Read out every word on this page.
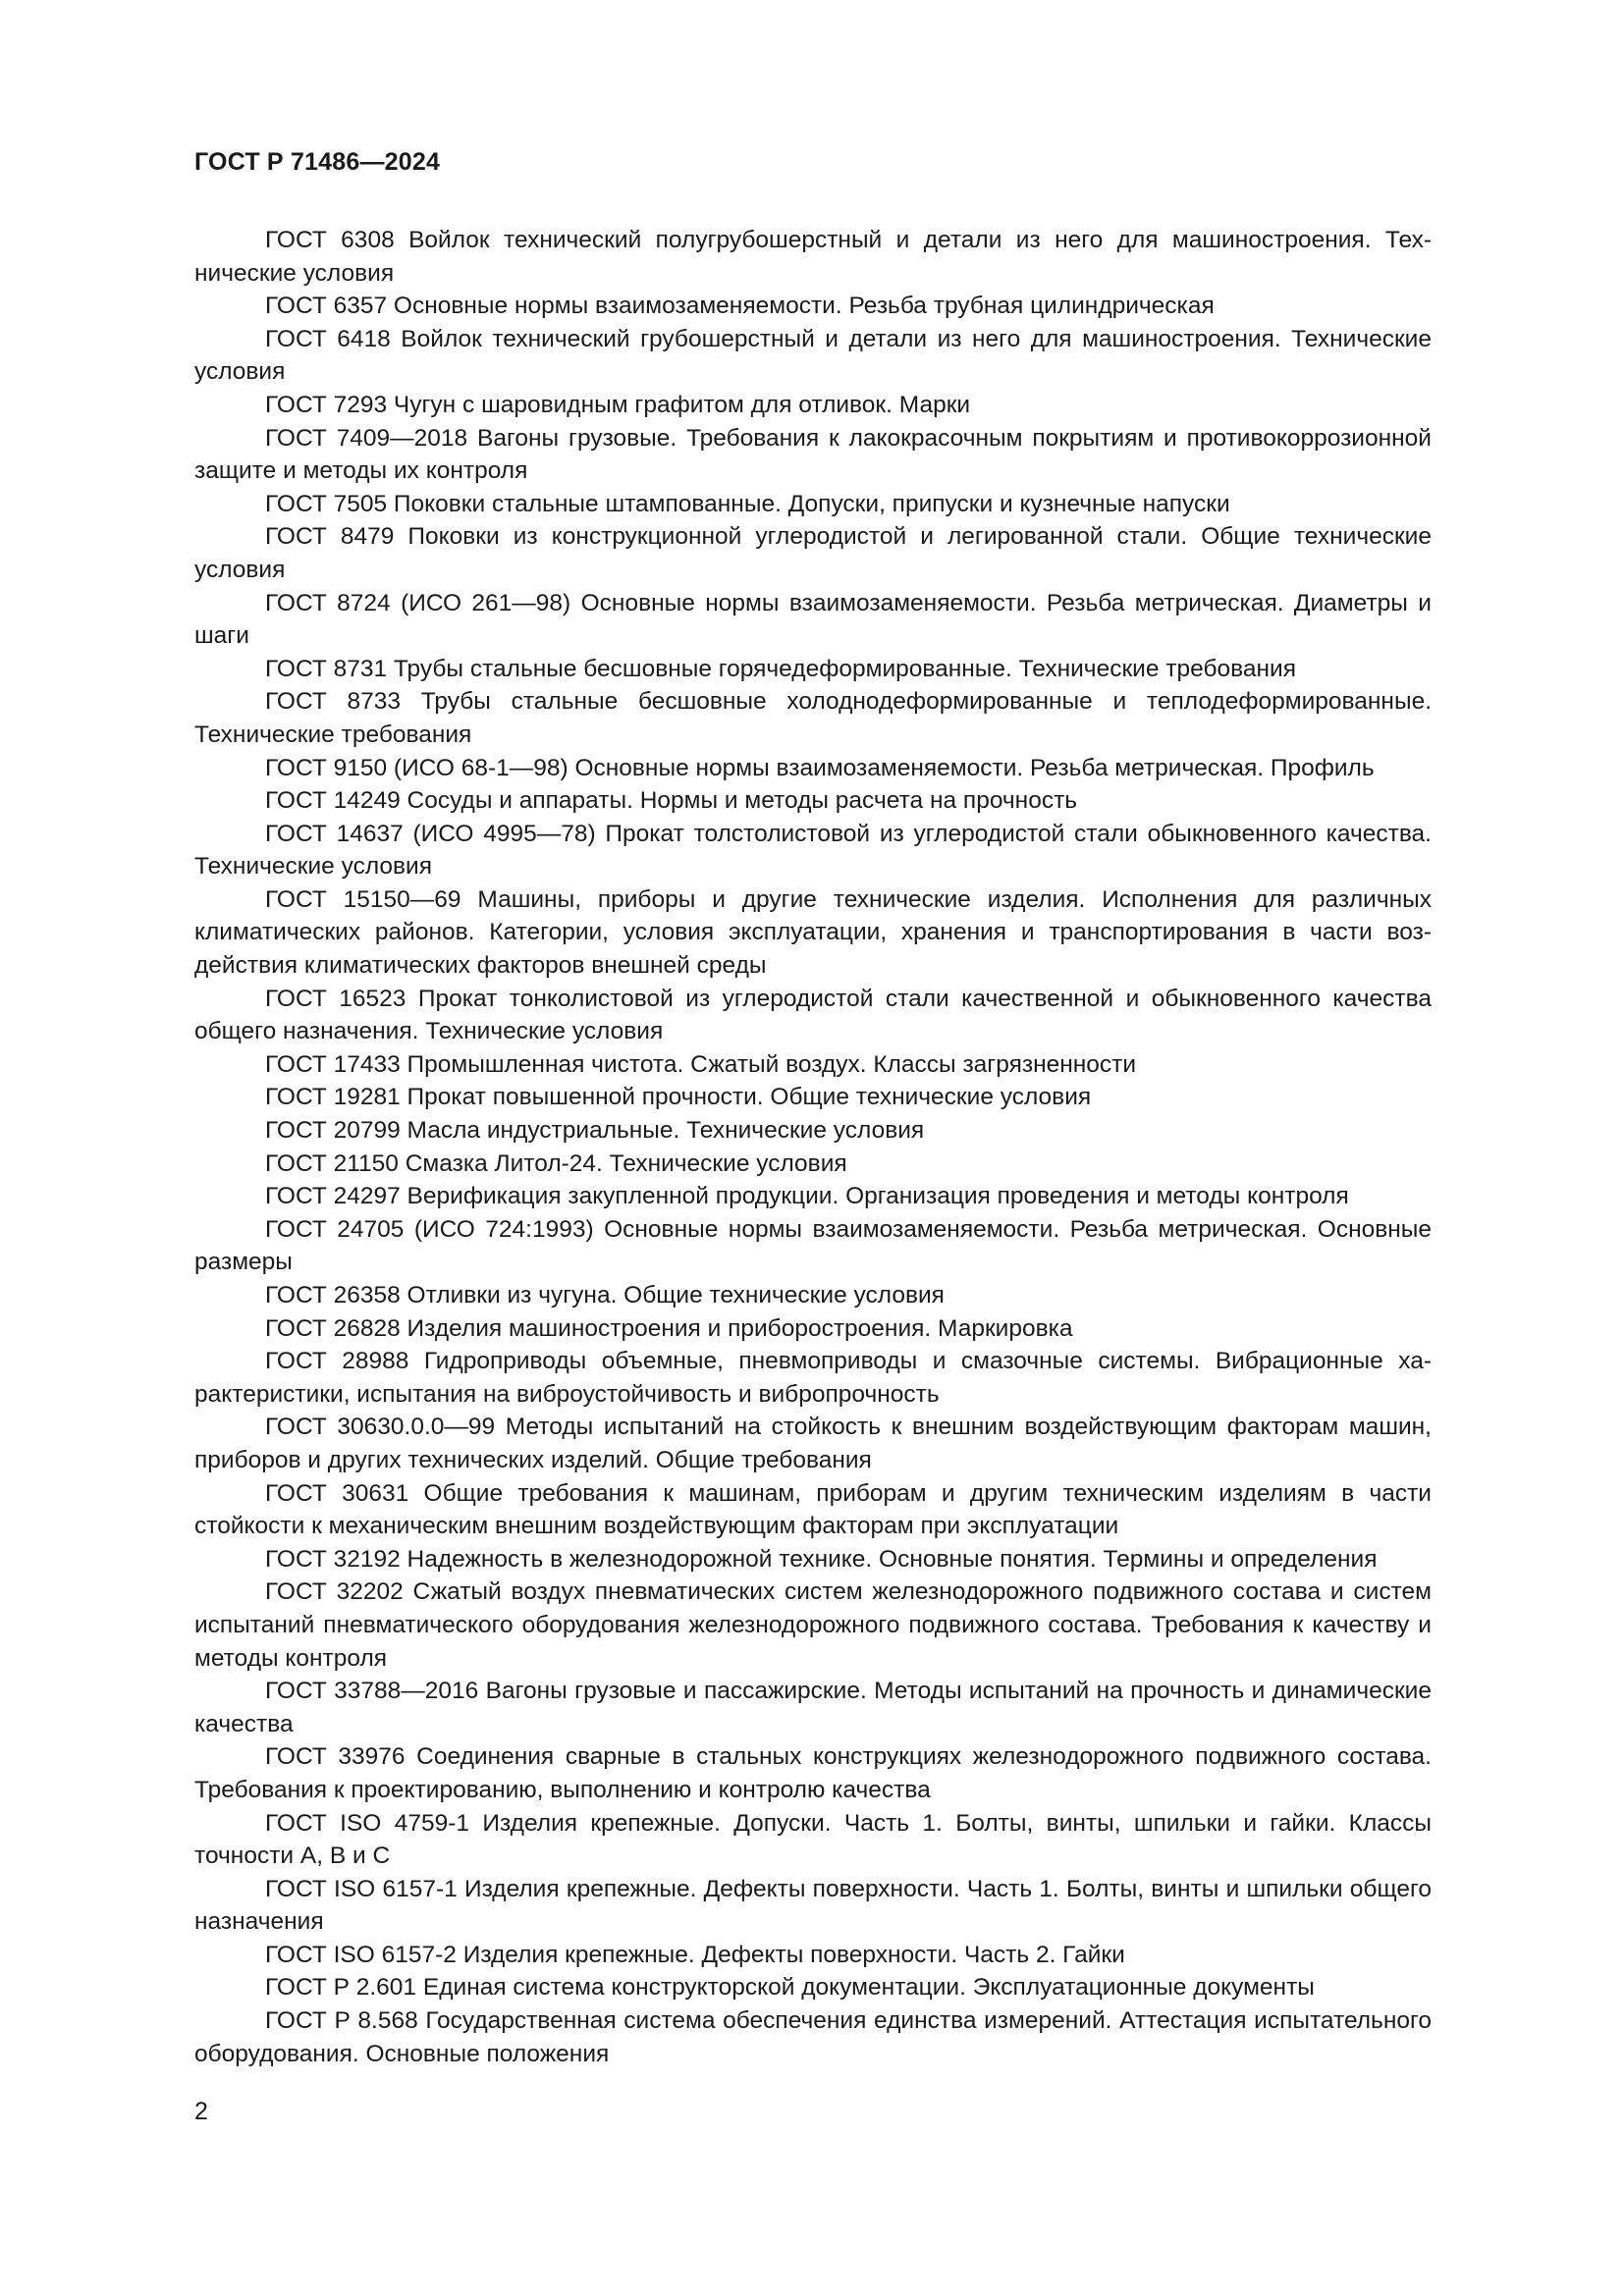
ГОСТ Р 71486—2024

ГОСТ 6308 Войлок технический полугрубошерстный и детали из него для машиностроения. Технические условия

ГОСТ 6357 Основные нормы взаимозаменяемости. Резьба трубная цилиндрическая

ГОСТ 6418 Войлок технический грубошерстный и детали из него для машиностроения. Технические условия

ГОСТ 7293 Чугун с шаровидным графитом для отливок. Марки

ГОСТ 7409—2018 Вагоны грузовые. Требования к лакокрасочным покрытиям и противокоррозионной защите и методы их контроля

ГОСТ 7505 Поковки стальные штампованные. Допуски, припуски и кузнечные напуски

ГОСТ 8479 Поковки из конструкционной углеродистой и легированной стали. Общие технические условия

ГОСТ 8724 (ИСО 261—98) Основные нормы взаимозаменяемости. Резьба метрическая. Диаметры и шаги

ГОСТ 8731 Трубы стальные бесшовные горячедеформированные. Технические требования

ГОСТ 8733 Трубы стальные бесшовные холоднодеформированные и теплодеформированные. Технические требования

ГОСТ 9150 (ИСО 68-1—98) Основные нормы взаимозаменяемости. Резьба метрическая. Профиль

ГОСТ 14249 Сосуды и аппараты. Нормы и методы расчета на прочность

ГОСТ 14637 (ИСО 4995—78) Прокат толстолистовой из углеродистой стали обыкновенного качества. Технические условия

ГОСТ 15150—69 Машины, приборы и другие технические изделия. Исполнения для различных климатических районов. Категории, условия эксплуатации, хранения и транспортирования в части воздействия климатических факторов внешней среды

ГОСТ 16523 Прокат тонколистовой из углеродистой стали качественной и обыкновенного качества общего назначения. Технические условия

ГОСТ 17433 Промышленная чистота. Сжатый воздух. Классы загрязненности

ГОСТ 19281 Прокат повышенной прочности. Общие технические условия

ГОСТ 20799 Масла индустриальные. Технические условия

ГОСТ 21150 Смазка Литол-24. Технические условия

ГОСТ 24297 Верификация закупленной продукции. Организация проведения и методы контроля

ГОСТ 24705 (ИСО 724:1993) Основные нормы взаимозаменяемости. Резьба метрическая. Основные размеры

ГОСТ 26358 Отливки из чугуна. Общие технические условия

ГОСТ 26828 Изделия машиностроения и приборостроения. Маркировка

ГОСТ 28988 Гидроприводы объемные, пневмоприводы и смазочные системы. Вибрационные характеристики, испытания на виброустойчивость и вибропрочность

ГОСТ 30630.0.0—99 Методы испытаний на стойкость к внешним воздействующим факторам машин, приборов и других технических изделий. Общие требования

ГОСТ 30631 Общие требования к машинам, приборам и другим техническим изделиям в части стойкости к механическим внешним воздействующим факторам при эксплуатации

ГОСТ 32192 Надежность в железнодорожной технике. Основные понятия. Термины и определения

ГОСТ 32202 Сжатый воздух пневматических систем железнодорожного подвижного состава и систем испытаний пневматического оборудования железнодорожного подвижного состава. Требования к качеству и методы контроля

ГОСТ 33788—2016 Вагоны грузовые и пассажирские. Методы испытаний на прочность и динамические качества

ГОСТ 33976 Соединения сварные в стальных конструкциях железнодорожного подвижного состава. Требования к проектированию, выполнению и контролю качества

ГОСТ ISO 4759-1 Изделия крепежные. Допуски. Часть 1. Болты, винты, шпильки и гайки. Классы точности А, В и С

ГОСТ ISO 6157-1 Изделия крепежные. Дефекты поверхности. Часть 1. Болты, винты и шпильки общего назначения

ГОСТ ISO 6157-2 Изделия крепежные. Дефекты поверхности. Часть 2. Гайки

ГОСТ Р 2.601 Единая система конструкторской документации. Эксплуатационные документы

ГОСТ Р 8.568 Государственная система обеспечения единства измерений. Аттестация испытательного оборудования. Основные положения

2
